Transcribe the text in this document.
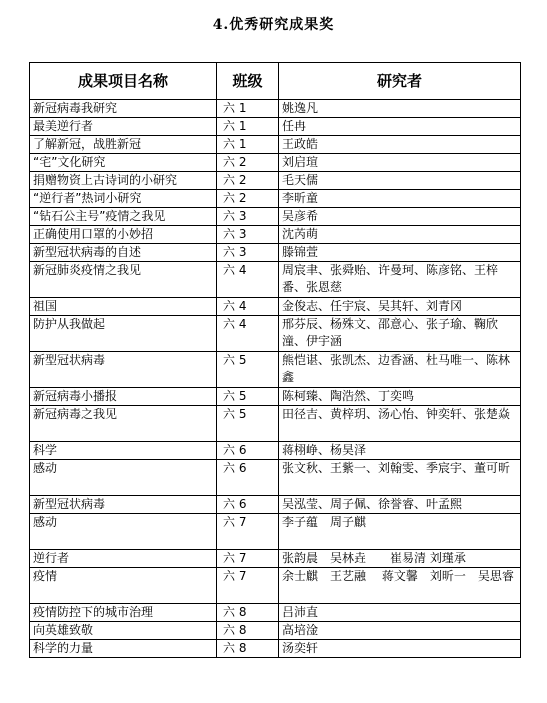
4.优秀研究成果奖
成果项目名称	班级	研究者
新冠病毒我研究	六 1	姚逸凡
最美逆行者	六 1	任冉
了解新冠，战胜新冠	六 1	王政皓
“宅”文化研究	六 2	刘启瑄
捐赠物资上古诗词的小研究	六 2	毛天儒
“逆行者”热词小研究	六 2	李昕童
“钻石公主号”疫情之我见	六 3	吴彦希
正确使用口罩的小妙招	六 3	沈芮萌
新型冠状病毒的自述	六 3	滕锦萱
新冠肺炎疫情之我见	六 4	周宸聿、张舜贻、许曼珂、陈彦铭、王梓番、张恩慈
祖国	六 4	金俊志、任宇宸、吴其轩、刘青冈
防护从我做起	六 4	邢芬辰、杨殊文、邵意心、张子瑜、鞠欣潼、伊宇涵
新型冠状病毒	六 5	熊恺谌、张凯杰、边香涵、杜马唯一、陈林鑫
新冠病毒小播报	六 5	陈柯臻、陶浩然、丁奕鸣
新冠病毒之我见	六 5	田径吉、黄梓玥、汤心怡、钟奕轩、张楚焱
科学	六 6	蒋栩峥、杨昊泽
感动	六 6	张文秋、王紫一、刘翰雯、季宸宇、董可昕
新型冠状病毒	六 6	吴泓莹、周子佩、徐誉睿、叶孟熙
感动	六 7	李子蕴　周子麒
逆行者	六 7	张韵晨　吴林垚　　崔易清 刘瑾承
疫情	六 7	余士麒　王艺融　 蒋文馨　刘昕一　吴思睿
疫情防控下的城市治理	六 8	吕沛直
向英雄致敬	六 8	高培淦
科学的力量	六 8	汤奕轩
